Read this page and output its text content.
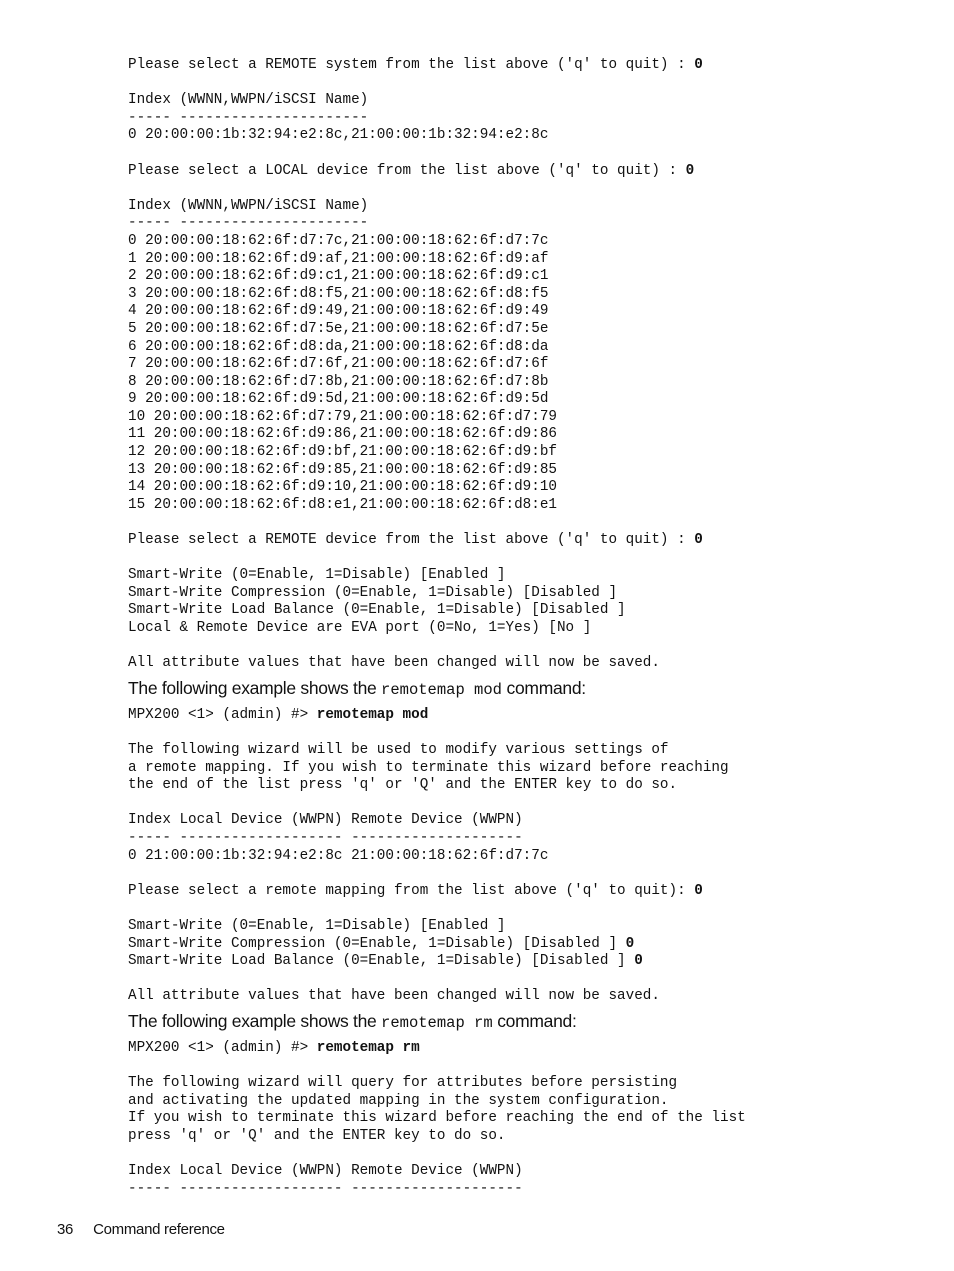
Please select a REMOTE system from the list above ('q' to quit) : 0

Index (WWNN,WWPN/iSCSI Name)
----- ----------------------
0 20:00:00:1b:32:94:e2:8c,21:00:00:1b:32:94:e2:8c

Please select a LOCAL device from the list above ('q' to quit) : 0

Index (WWNN,WWPN/iSCSI Name)
----- ----------------------
0 20:00:00:18:62:6f:d7:7c,21:00:00:18:62:6f:d7:7c
1 20:00:00:18:62:6f:d9:af,21:00:00:18:62:6f:d9:af
2 20:00:00:18:62:6f:d9:c1,21:00:00:18:62:6f:d9:c1
3 20:00:00:18:62:6f:d8:f5,21:00:00:18:62:6f:d8:f5
4 20:00:00:18:62:6f:d9:49,21:00:00:18:62:6f:d9:49
5 20:00:00:18:62:6f:d7:5e,21:00:00:18:62:6f:d7:5e
6 20:00:00:18:62:6f:d8:da,21:00:00:18:62:6f:d8:da
7 20:00:00:18:62:6f:d7:6f,21:00:00:18:62:6f:d7:6f
8 20:00:00:18:62:6f:d7:8b,21:00:00:18:62:6f:d7:8b
9 20:00:00:18:62:6f:d9:5d,21:00:00:18:62:6f:d9:5d
10 20:00:00:18:62:6f:d7:79,21:00:00:18:62:6f:d7:79
11 20:00:00:18:62:6f:d9:86,21:00:00:18:62:6f:d9:86
12 20:00:00:18:62:6f:d9:bf,21:00:00:18:62:6f:d9:bf
13 20:00:00:18:62:6f:d9:85,21:00:00:18:62:6f:d9:85
14 20:00:00:18:62:6f:d9:10,21:00:00:18:62:6f:d9:10
15 20:00:00:18:62:6f:d8:e1,21:00:00:18:62:6f:d8:e1

Please select a REMOTE device from the list above ('q' to quit) : 0

Smart-Write (0=Enable, 1=Disable) [Enabled ]
Smart-Write Compression (0=Enable, 1=Disable) [Disabled ]
Smart-Write Load Balance (0=Enable, 1=Disable) [Disabled ]
Local & Remote Device are EVA port (0=No, 1=Yes) [No ]

All attribute values that have been changed will now be saved.

The following example shows the remotemap mod command:

MPX200 <1> (admin) #> remotemap mod

The following wizard will be used to modify various settings of
a remote mapping. If you wish to terminate this wizard before reaching
the end of the list press 'q' or 'Q' and the ENTER key to do so.

Index Local Device (WWPN) Remote Device (WWPN)
----- ------------------- --------------------
0 21:00:00:1b:32:94:e2:8c 21:00:00:18:62:6f:d7:7c

Please select a remote mapping from the list above ('q' to quit): 0

Smart-Write (0=Enable, 1=Disable) [Enabled ]
Smart-Write Compression (0=Enable, 1=Disable) [Disabled ] 0
Smart-Write Load Balance (0=Enable, 1=Disable) [Disabled ] 0

All attribute values that have been changed will now be saved.

The following example shows the remotemap rm command:

MPX200 <1> (admin) #> remotemap rm

The following wizard will query for attributes before persisting
and activating the updated mapping in the system configuration.
If you wish to terminate this wizard before reaching the end of the list
press 'q' or 'Q' and the ENTER key to do so.

Index Local Device (WWPN) Remote Device (WWPN)
----- ------------------- --------------------
36 Command reference
